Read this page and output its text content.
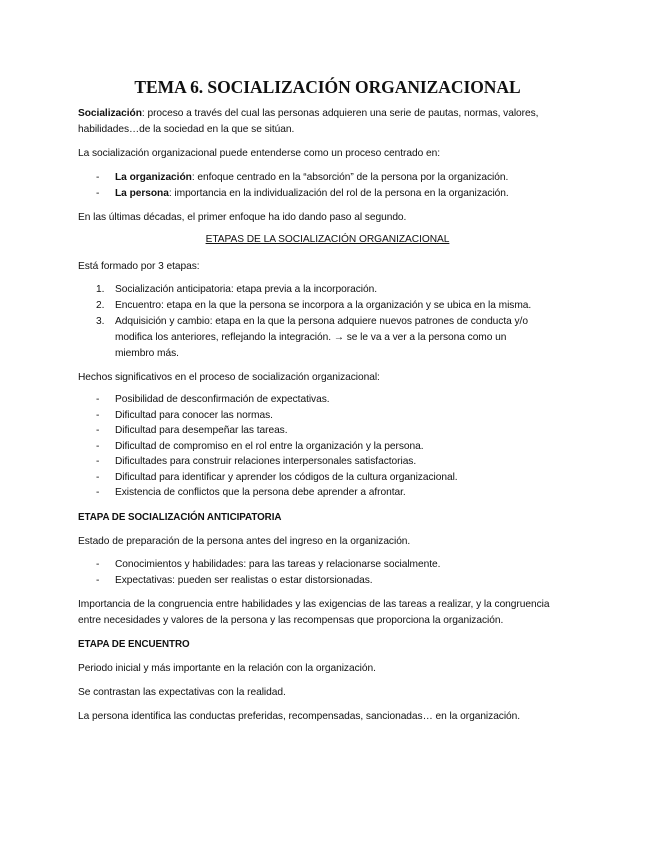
TEMA 6. SOCIALIZACIÓN ORGANIZACIONAL

Socialización: proceso a través del cual las personas adquieren una serie de pautas, normas, valores,
habilidades…de la sociedad en la que se sitúan.

La socialización organizacional puede entenderse como un proceso centrado en:

- La organización: enfoque centrado en la “absorción” de la persona por la organización.
- La persona: importancia en la individualización del rol de la persona en la organización.

En las últimas décadas, el primer enfoque ha ido dando paso al segundo.

ETAPAS DE LA SOCIALIZACIÓN ORGANIZACIONAL

Está formado por 3 etapas:

1. Socialización anticipatoria: etapa previa a la incorporación.
2. Encuentro: etapa en la que la persona se incorpora a la organización y se ubica en la misma.
3. Adquisición y cambio: etapa en la que la persona adquiere nuevos patrones de conducta y/o
modifica los anteriores, reflejando la integración. → se le va a ver a la persona como un
miembro más.

Hechos significativos en el proceso de socialización organizacional:

- Posibilidad de desconfirmación de expectativas.
- Dificultad para conocer las normas.
- Dificultad para desempeñar las tareas.
- Dificultad de compromiso en el rol entre la organización y la persona.
- Dificultades para construir relaciones interpersonales satisfactorias.
- Dificultad para identificar y aprender los códigos de la cultura organizacional.
- Existencia de conflictos que la persona debe aprender a afrontar.

ETAPA DE SOCIALIZACIÓN ANTICIPATORIA

Estado de preparación de la persona antes del ingreso en la organización.

- Conocimientos y habilidades: para las tareas y relacionarse socialmente.
- Expectativas: pueden ser realistas o estar distorsionadas.

Importancia de la congruencia entre habilidades y las exigencias de las tareas a realizar, y la congruencia
entre necesidades y valores de la persona y las recompensas que proporciona la organización.

ETAPA DE ENCUENTRO

Periodo inicial y más importante en la relación con la organización.

Se contrastan las expectativas con la realidad.

La persona identifica las conductas preferidas, recompensadas, sancionadas… en la organización.
